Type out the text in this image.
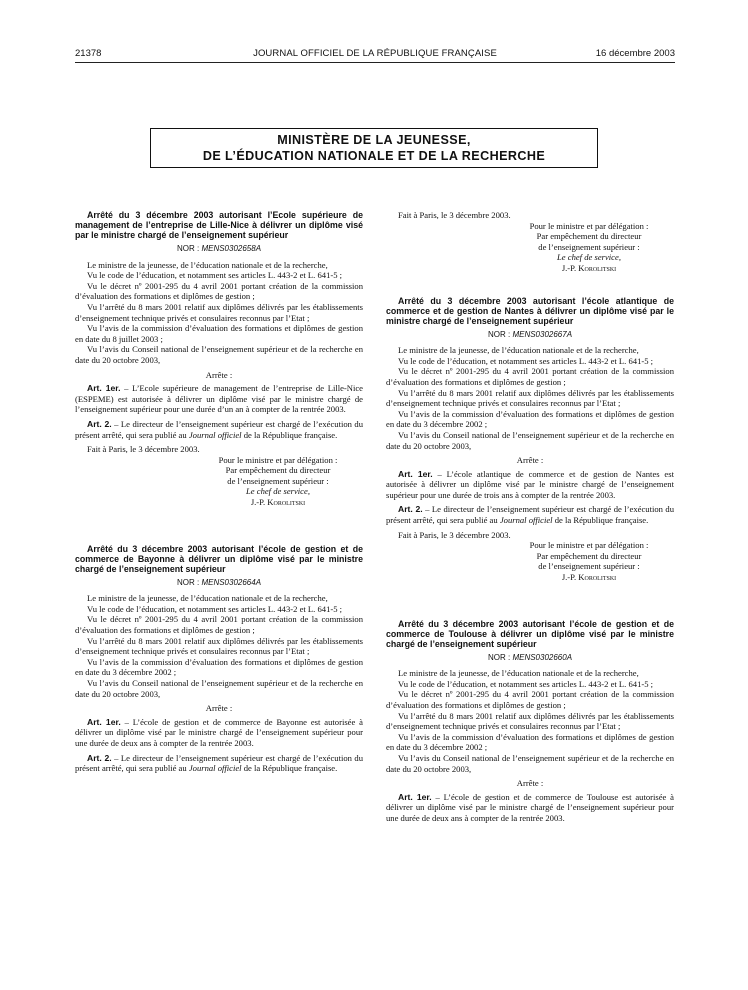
21378	JOURNAL OFFICIEL DE LA RÉPUBLIQUE FRANÇAISE	16 décembre 2003
MINISTÈRE DE LA JEUNESSE,
DE L’ÉDUCATION NATIONALE ET DE LA RECHERCHE

Arrêté du 3 décembre 2003 autorisant l’Ecole supérieure de management de l’entreprise de Lille-Nice à délivrer un diplôme visé par le ministre chargé de l’enseignement supérieur

NOR : MENS0302658A

Le ministre de la jeunesse, de l’éducation nationale et de la recherche,

Vu le code de l’éducation, et notamment ses articles L. 443-2 et L. 641-5 ;

Vu le décret nº 2001-295 du 4 avril 2001 portant création de la commission d’évaluation des formations et diplômes de gestion ;

Vu l’arrêté du 8 mars 2001 relatif aux diplômes délivrés par les établissements d’enseignement technique privés et consulaires reconnus par l’Etat ;

Vu l’avis de la commission d’évaluation des formations et diplômes de gestion en date du 8 juillet 2003 ;

Vu l’avis du Conseil national de l’enseignement supérieur et de la recherche en date du 20 octobre 2003,

Arrête :

Art. 1er. – L’Ecole supérieure de management de l’entreprise de Lille-Nice (ESPEME) est autorisée à délivrer un diplôme visé par le ministre chargé de l’enseignement supérieur pour une durée d’un an à compter de la rentrée 2003.

Art. 2. – Le directeur de l’enseignement supérieur est chargé de l’exécution du présent arrêté, qui sera publié au Journal officiel de la République française.

Fait à Paris, le 3 décembre 2003.

Pour le ministre et par délégation :

Par empêchement du directeur

de l’enseignement supérieur :

Le chef de service,

J.-P. Korolitski

Arrêté du 3 décembre 2003 autorisant l’école de gestion et de commerce de Bayonne à délivrer un diplôme visé par le ministre chargé de l’enseignement supérieur

NOR : MENS0302664A

Le ministre de la jeunesse, de l’éducation nationale et de la recherche,

Vu le code de l’éducation, et notamment ses articles L. 443-2 et L. 641-5 ;

Vu le décret nº 2001-295 du 4 avril 2001 portant création de la commission d’évaluation des formations et diplômes de gestion ;

Vu l’arrêté du 8 mars 2001 relatif aux diplômes délivrés par les établissements d’enseignement technique privés et consulaires reconnus par l’Etat ;

Vu l’avis de la commission d’évaluation des formations et diplômes de gestion en date du 3 décembre 2002 ;

Vu l’avis du Conseil national de l’enseignement supérieur et de la recherche en date du 20 octobre 2003,

Arrête :

Art. 1er. – L’école de gestion et de commerce de Bayonne est autorisée à délivrer un diplôme visé par le ministre chargé de l’enseignement supérieur pour une durée de deux ans à compter de la rentrée 2003.

Art. 2. – Le directeur de l’enseignement supérieur est chargé de l’exécution du présent arrêté, qui sera publié au Journal officiel de la République française.

Fait à Paris, le 3 décembre 2003.

Pour le ministre et par délégation :

Par empêchement du directeur

de l’enseignement supérieur :

Le chef de service,

J.-P. Korolitski

Arrêté du 3 décembre 2003 autorisant l’école atlantique de commerce et de gestion de Nantes à délivrer un diplôme visé par le ministre chargé de l’enseignement supérieur

NOR : MENS0302667A

Le ministre de la jeunesse, de l’éducation nationale et de la recherche,

Vu le code de l’éducation, et notamment ses articles L. 443-2 et L. 641-5 ;

Vu le décret nº 2001-295 du 4 avril 2001 portant création de la commission d’évaluation des formations et diplômes de gestion ;

Vu l’arrêté du 8 mars 2001 relatif aux diplômes délivrés par les établissements d’enseignement technique privés et consulaires reconnus par l’Etat ;

Vu l’avis de la commission d’évaluation des formations et diplômes de gestion en date du 3 décembre 2002 ;

Vu l’avis du Conseil national de l’enseignement supérieur et de la recherche en date du 20 octobre 2003,

Arrête :

Art. 1er. – L’école atlantique de commerce et de gestion de Nantes est autorisée à délivrer un diplôme visé par le ministre chargé de l’enseignement supérieur pour une durée de trois ans à compter de la rentrée 2003.

Art. 2. – Le directeur de l’enseignement supérieur est chargé de l’exécution du présent arrêté, qui sera publié au Journal officiel de la République française.

Fait à Paris, le 3 décembre 2003.

Pour le ministre et par délégation :

Par empêchement du directeur

de l’enseignement supérieur :

J.-P. Korolitski

Arrêté du 3 décembre 2003 autorisant l’école de gestion et de commerce de Toulouse à délivrer un diplôme visé par le ministre chargé de l’enseignement supérieur

NOR : MENS0302660A

Le ministre de la jeunesse, de l’éducation nationale et de la recherche,

Vu le code de l’éducation, et notamment ses articles L. 443-2 et L. 641-5 ;

Vu le décret nº 2001-295 du 4 avril 2001 portant création de la commission d’évaluation des formations et diplômes de gestion ;

Vu l’arrêté du 8 mars 2001 relatif aux diplômes délivrés par les établissements d’enseignement technique privés et consulaires reconnus par l’Etat ;

Vu l’avis de la commission d’évaluation des formations et diplômes de gestion en date du 3 décembre 2002 ;

Vu l’avis du Conseil national de l’enseignement supérieur et de la recherche en date du 20 octobre 2003,

Arrête :

Art. 1er. – L’école de gestion et de commerce de Toulouse est autorisée à délivrer un diplôme visé par le ministre chargé de l’enseignement supérieur pour une durée de deux ans à compter de la rentrée 2003.
